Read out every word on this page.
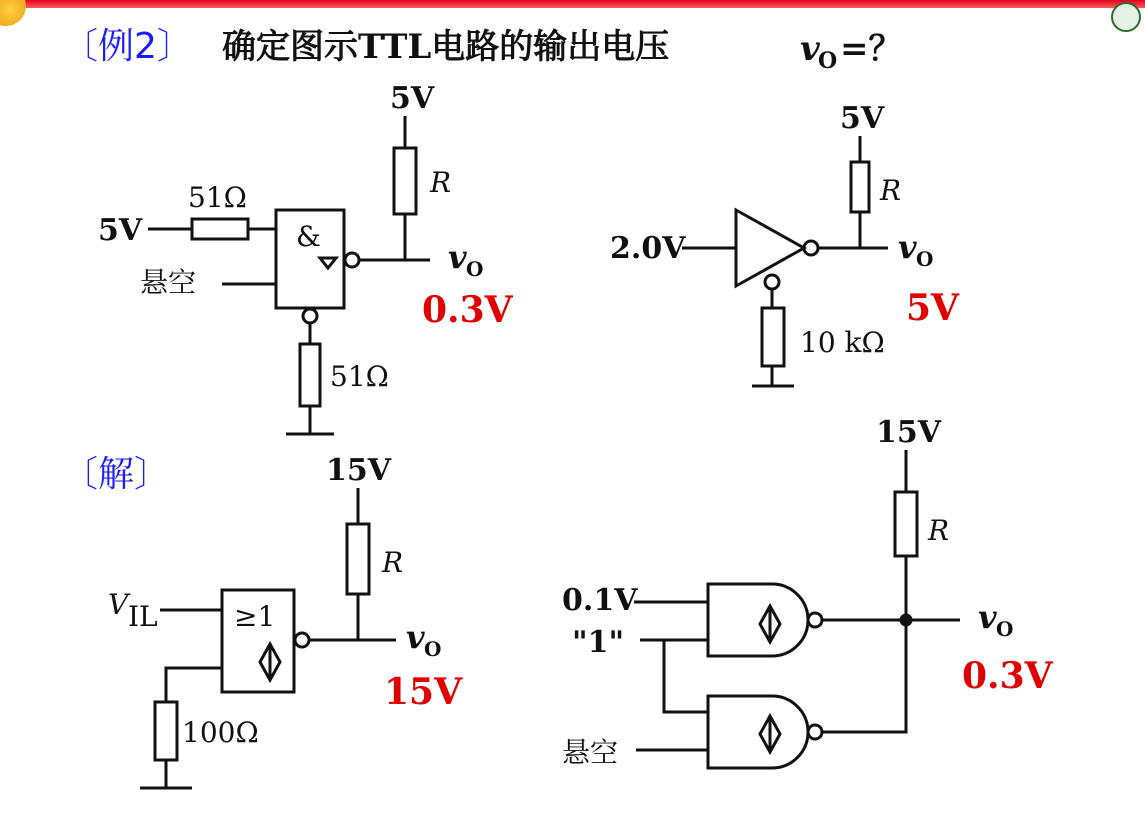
〔例2〕 确定图示TTL电路的输出电压	v
O =？
5V
R
5V
51Ω
悬空
&
v O
0.3V
51Ω
5V
R
2.0V	v O
5V
10 kΩ
〔解〕	15V
R
V IL	≥1
v O
15V
100Ω
15V
R
0.1V
"1"
悬空
v O
0.3V
